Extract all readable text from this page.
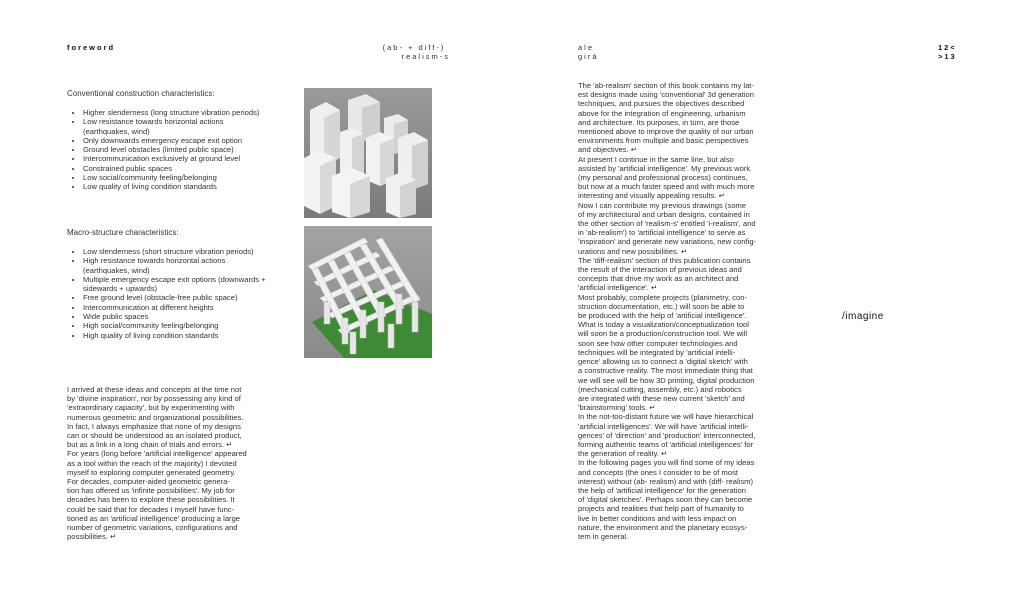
foreword	(ab- + diff-)
realism-s
ale
girá
12<
>13
Conventional construction characteristics:
• Higher slenderness (long structure vibration periods)
• Low resistance towards horizontal actions (earthquakes, wind)
• Only downwards emergency escape exit option
• Ground level obstacles (limited public space)
• Intercommunication exclusively at ground level
• Constrained public spaces
• Low social/community feeling/belonging
• Low quality of living condition standards
Macro-structure characteristics:
• Low slenderness (short structure vibration periods)
• High resistance towards horizontal actions (earthquakes, wind)
• Multiple emergency escape exit options (downwards + sidewards + upwards)
• Free ground level (obstacle-free public space)
• Intercommunication at different heights
• Wide public spaces
• High social/community feeling/belonging
• High quality of living condition standards
I arrived at these ideas and concepts at the time not
by 'divine inspiration', nor by possessing any kind of
'extraordinary capacity', but by experimenting with
numerous geometric and organizational possibilities.
In fact, I always emphasize that none of my designs
can or should be understood as an isolated product,
but as a link in a long chain of trials and errors. ↵
For years (long before 'artificial intelligence' appeared
as a tool within the reach of the majority) I devoted
myself to exploring computer generated geometry.
For decades, computer-aided geometric genera-
tion has offered us 'infinite possibilities'. My job for
decades has been to explore these possibilities. It
could be said that for decades I myself have func-
tioned as an 'artificial intelligence' producing a large
number of geometric variations, configurations and
possibilities. ↵
The 'ab-realism' section of this book contains my lat-
est designs made using 'conventional' 3d generation
techniques, and pursues the objectives described
above for the integration of engineering, urbanism
and architecture. Its purposes, in turn, are those
mentioned above to improve the quality of our urban
environments from multiple and basic perspectives
and objectives. ↵
At present I continue in the same line, but also
assisted by 'artificial intelligence'. My previous work
(my personal and professional process) continues,
but now at a much faster speed and with much more
interesting and visually appealing results. ↵
Now I can contribute my previous drawings (some
of my architectural and urban designs, contained in
the other section of 'realism-s' entitled 'i-realism', and
in 'ab-realism') to 'artificial intelligence' to serve as
'inspiration' and generate new variations, new config-
urations and new possibilities. ↵
The 'diff-realism' section of this publication contains
the result of the interaction of previous ideas and
concepts that drive my work as an architect and
'artificial intelligence'. ↵
Most probably, complete projects (planimetry, con-
struction documentation, etc.) will soon be able to
be produced with the help of 'artificial intelligence'.
What is today a visualization/conceptualization tool
will soon be a production/construction tool. We will
soon see how other computer technologies and
techniques will be integrated by 'artificial intelli-
gence' allowing us to connect a 'digital sketch' with
a constructive reality. The most immediate thing that
we will see will be how 3D printing, digital production
(mechanical cutting, assembly, etc.) and robotics
are integrated with these new current 'sketch' and
'brainstorming' tools. ↵
In the not-too-distant future we will have hierarchical
'artificial intelligences'. We will have 'artificial intelli-
gences' of 'direction' and 'production' interconnected,
forming authentic teams of 'artificial intelligences' for
the generation of reality. ↵
In the following pages you will find some of my ideas
and concepts (the ones I consider to be of most
interest) without (ab- realism) and with (diff- realism)
the help of 'artificial intelligence' for the generation
of 'digital sketches'. Perhaps soon they can become
projects and realities that help part of humanity to
live in better conditions and with less impact on
nature, the environment and the planetary ecosys-
tem in general.
/imagine
